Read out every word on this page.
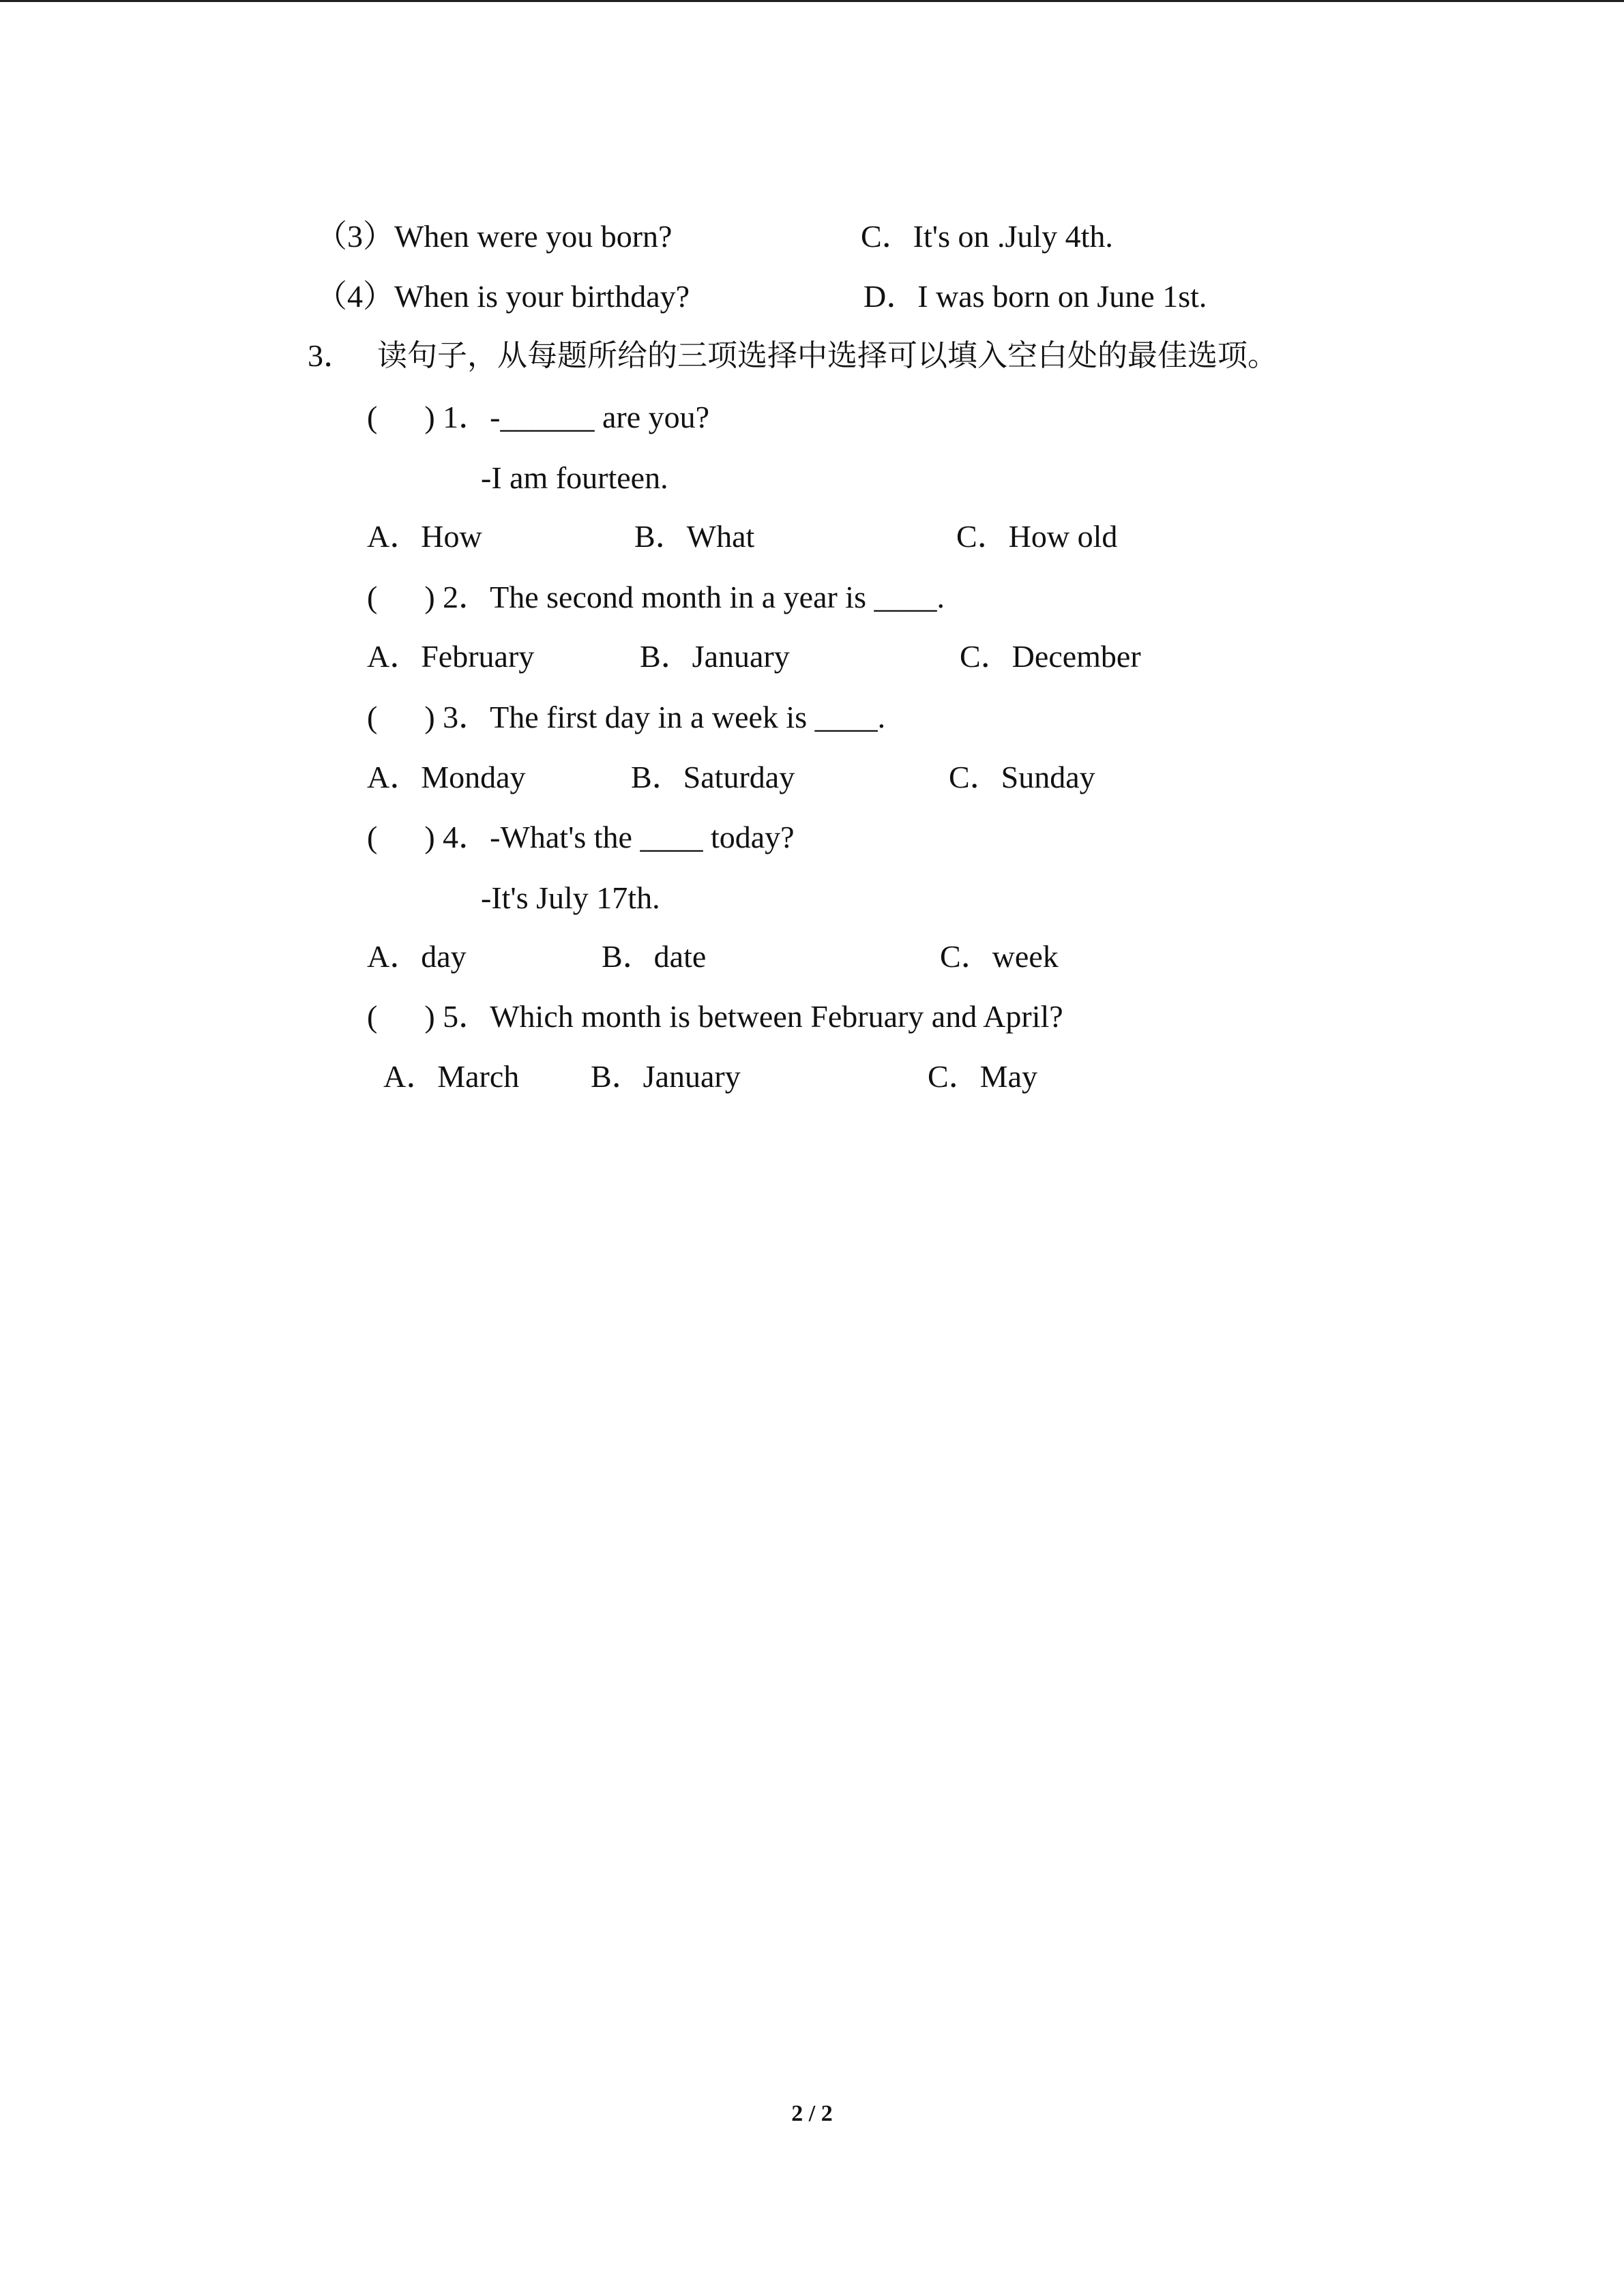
（3）When were you born?	C．It's on .July 4th.
（4）When is your birthday?	D．I was born on June 1st.
3． 读句子，从每题所给的三项选择中选择可以填入空白处的最佳选项。
(      ) 1．-______ are you?
-I am fourteen.
A．How	B．What	C．How old
(      ) 2．The second month in a year is ____.
A．February	B．January	C．December
(      ) 3．The first day in a week is ____.
A．Monday	B．Saturday	C．Sunday
(      ) 4．-What's the ____ today?
-It's July 17th.
A．day	B．date	C．week
(      ) 5．Which month is between February and April?
A．March B．January	C．May
2 / 2
